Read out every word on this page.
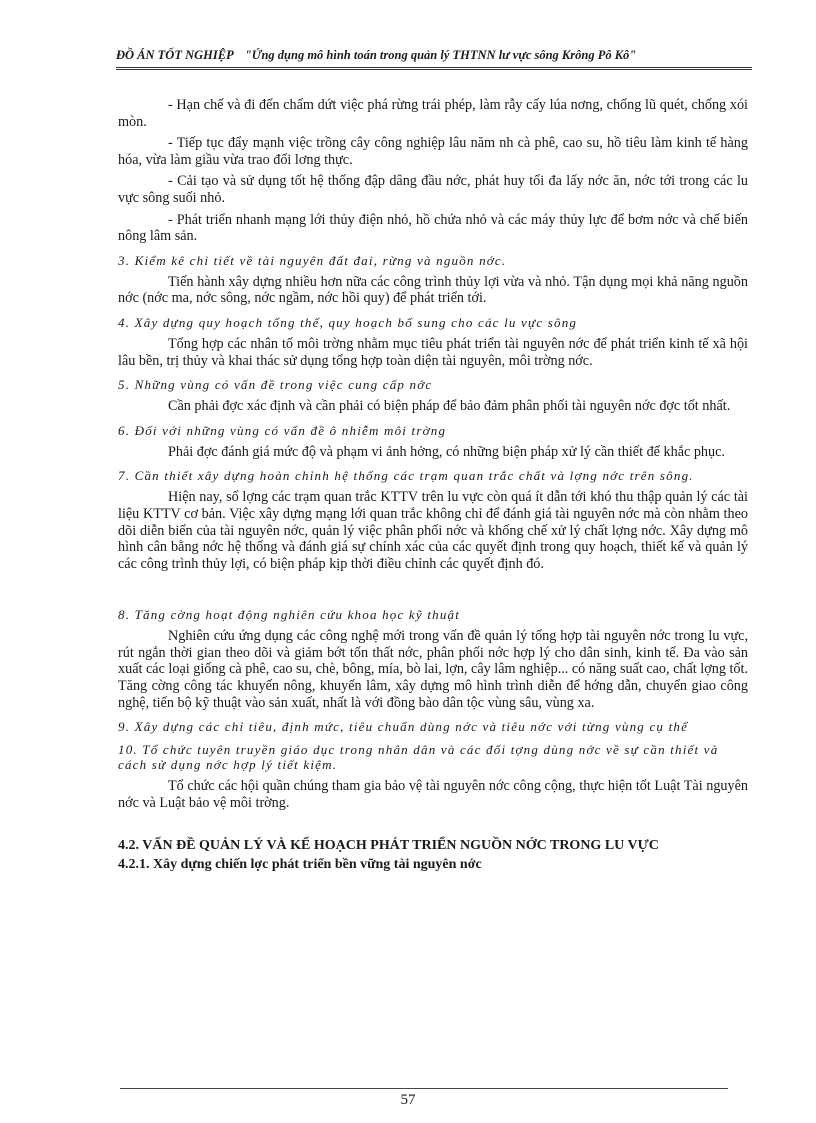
ĐỒ ÁN TỐT NGHIỆP "Ứng dụng mô hình toán trong quản lý THTNN lư vực sông Krông Pô Kô"

- Hạn chế và đi đến chấm dứt việc phá rừng trái phép, làm rẫy cấy lúa nơng, chống lũ quét, chống xói mòn.

- Tiếp tục đẩy mạnh việc trồng cây công nghiệp lâu năm nh cà phê, cao su, hồ tiêu làm kinh tế hàng hóa, vừa làm giầu vừa trao đổi lơng thực.

- Cải tạo và sử dụng tốt hệ thống đập dâng đầu nớc, phát huy tối đa lấy nớc ăn, nớc tới trong các lu vực sông suối nhỏ.

- Phát triển nhanh mạng lới thủy điện nhỏ, hồ chứa nhỏ và các máy thủy lực để bơm nớc và chế biến nông lâm sản.

3. Kiểm kê chi tiết về tài nguyên đất đai, rừng và nguồn nớc.

Tiến hành xây dựng nhiều hơn nữa các công trình thủy lợi vừa và nhỏ. Tận dụng mọi khả năng nguồn nớc (nớc ma, nớc sông, nớc ngầm, nớc hồi quy) để phát triển tới.

4. Xây dựng quy hoạch tổng thể, quy hoạch bổ sung cho các lu vực sông

Tổng hợp các nhân tố môi trờng nhằm mục tiêu phát triển tài nguyên nớc để phát triển kinh tế xã hội lâu bền, trị thủy và khai thác sử dụng tổng hợp toàn diện tài nguyên, môi trờng nớc.

5. Những vùng có vấn đề trong việc cung cấp nớc

Cần phải đợc xác định và cần phải có biện pháp để bảo đảm phân phối tài nguyên nớc đợc tốt nhất.

6. Đối với những vùng có vấn đề ô nhiễm môi trờng

Phải đợc đánh giá mức độ và phạm vi ảnh hởng, có những biện pháp xử lý cần thiết để khắc phục.

7. Cần thiết xây dựng hoàn chỉnh hệ thống các trạm quan trắc chất và lợng nớc trên sông.

Hiện nay, số lợng các trạm quan trắc KTTV trên lu vực còn quá ít dẫn tới khó thu thập quản lý các tài liệu KTTV cơ bản. Việc xây dựng mạng lới quan trắc không chỉ để đánh giá tài nguyên nớc mà còn nhằm theo dõi diễn biến của tài nguyên nớc, quản lý việc phân phối nớc và khống chế xử lý chất lợng nớc. Xây dựng mô hình cân bằng nớc hệ thống và đánh giá sự chính xác của các quyết định trong quy hoạch, thiết kế và quản lý các công trình thủy lợi, có biện pháp kịp thời điều chỉnh các quyết định đó.

8. Tăng cờng hoạt động nghiên cứu khoa học kỹ thuật

Nghiên cứu ứng dụng các công nghệ mới trong vấn đề quản lý tổng hợp tài nguyên nớc trong lu vực, rút ngắn thời gian theo dõi và giảm bớt tổn thất nớc, phân phối nớc hợp lý cho dân sinh, kinh tế. Đa vào sản xuất các loại giống cà phê, cao su, chè, bông, mía, bò lai, lợn, cây lâm nghiệp... có năng suất cao, chất lợng tốt. Tăng cờng công tác khuyến nông, khuyến lâm, xây dựng mô hình trình diễn để hớng dẫn, chuyển giao công nghệ, tiến bộ kỹ thuật vào sản xuất, nhất là với đồng bào dân tộc vùng sâu, vùng xa.

9. Xây dựng các chỉ tiêu, định mức, tiêu chuẩn dùng nớc và tiêu nớc với từng vùng cụ thể
10. Tổ chức tuyên truyền giáo dục trong nhân dân và các đối tợng dùng nớc về sự cần thiết và cách sử dụng nớc hợp lý tiết kiệm.

Tổ chức các hội quần chúng tham gia bảo vệ tài nguyên nớc công cộng, thực hiện tốt Luật Tài nguyên nớc và Luật bảo vệ môi trờng.

4.2. VẤN ĐỀ QUẢN LÝ VÀ KẾ HOẠCH PHÁT TRIỂN NGUỒN NỚC TRONG LU VỰC
4.2.1. Xây dựng chiến lợc phát triển bền vững tài nguyên nớc
57
